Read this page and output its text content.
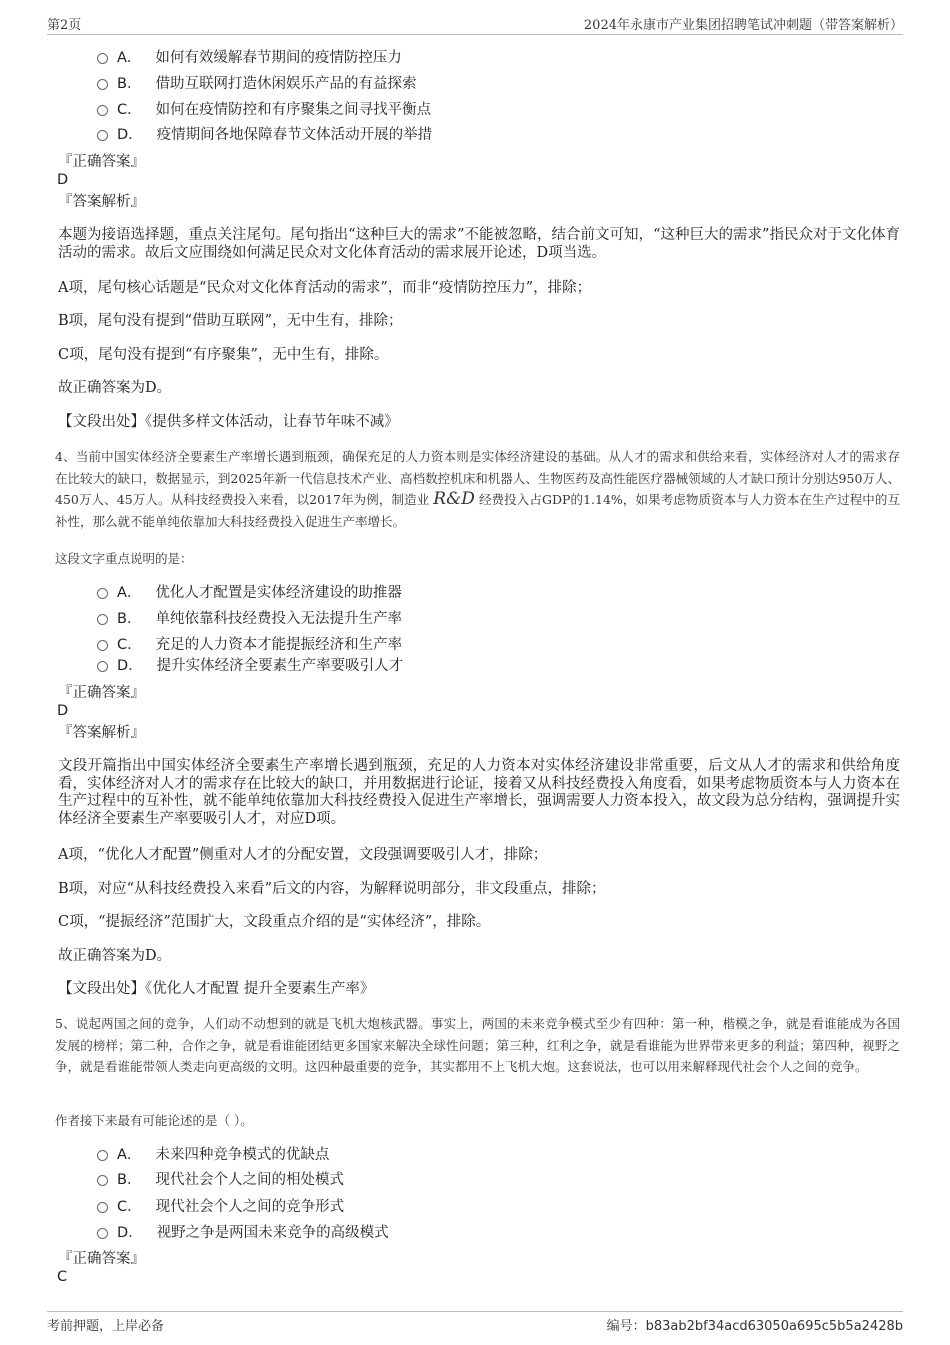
第2页	2024年永康市产业集团招聘笔试冲刺题（带答案解析）
A． 如何有效缓解春节期间的疫情防控压力
B． 借助互联网打造休闲娱乐产品的有益探索
C． 如何在疫情防控和有序聚集之间寻找平衡点
D． 疫情期间各地保障春节文体活动开展的举措
『正确答案』
D
『答案解析』
本题为接语选择题，重点关注尾句。尾句指出“这种巨大的需求”不能被忽略，结合前文可知，“这种巨大的需求”指民众对于文化体育活动的需求。故后文应围绕如何满足民众对文化体育活动的需求展开论述，D项当选。
A项，尾句核心话题是“民众对文化体育活动的需求”，而非“疫情防控压力”，排除；
B项，尾句没有提到“借助互联网”，无中生有，排除；
C项，尾句没有提到“有序聚集”，无中生有，排除。
故正确答案为D。
【文段出处】《提供多样文体活动，让春节年味不减》
4、当前中国实体经济全要素生产率增长遇到瓶颈，确保充足的人力资本则是实体经济建设的基础。从人才的需求和供给来看，实体经济对人才的需求存在比较大的缺口，数据显示，到2025年新一代信息技术产业、高档数控机床和机器人、生物医药及高性能医疗器械领域的人才缺口预计分别达950万人、450万人、45万人。从科技经费投入来看，以2017年为例，制造业 R&D 经费投入占GDP的1.14%，如果考虑物质资本与人力资本在生产过程中的互补性，那么就不能单纯依靠加大科技经费投入促进生产率增长。
这段文字重点说明的是：
A． 优化人才配置是实体经济建设的助推器
B． 单纯依靠科技经费投入无法提升生产率
C． 充足的人力资本才能提振经济和生产率
D． 提升实体经济全要素生产率要吸引人才
『正确答案』
D
『答案解析』
文段开篇指出中国实体经济全要素生产率增长遇到瓶颈，充足的人力资本对实体经济建设非常重要，后文从人才的需求和供给角度看，实体经济对人才的需求存在比较大的缺口，并用数据进行论证，接着又从科技经费投入角度看，如果考虑物质资本与人力资本在生产过程中的互补性，就不能单纯依靠加大科技经费投入促进生产率增长，强调需要人力资本投入，故文段为总分结构，强调提升实体经济全要素生产率要吸引人才，对应D项。
A项，“优化人才配置”侧重对人才的分配安置，文段强调要吸引人才，排除；
B项，对应“从科技经费投入来看”后文的内容，为解释说明部分，非文段重点，排除；
C项，“提振经济”范围扩大，文段重点介绍的是“实体经济”，排除。
故正确答案为D。
【文段出处】《优化人才配置 提升全要素生产率》
5、说起两国之间的竞争，人们动不动想到的就是飞机大炮核武器。事实上，两国的未来竞争模式至少有四种：第一种，楷模之争，就是看谁能成为各国发展的榜样；第二种，合作之争，就是看谁能团结更多国家来解决全球性问题；第三种，红利之争，就是看谁能为世界带来更多的利益；第四种，视野之争，就是看谁能带领人类走向更高级的文明。这四种最重要的竞争，其实都用不上飞机大炮。这套说法，也可以用来解释现代社会个人之间的竞争。
作者接下来最有可能论述的是（ ）。
A． 未来四种竞争模式的优缺点
B． 现代社会个人之间的相处模式
C． 现代社会个人之间的竞争形式
D． 视野之争是两国未来竞争的高级模式
『正确答案』
C
考前押题，上岸必备	编号：b83ab2bf34acd63050a695c5b5a2428b
